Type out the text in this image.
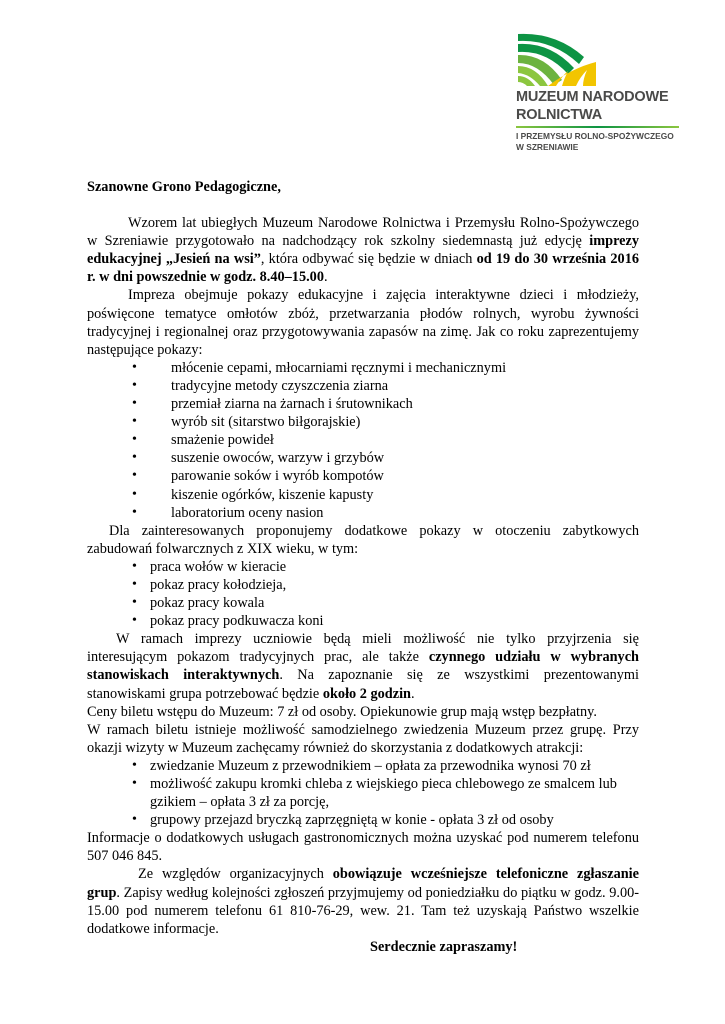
MUZEUM NARODOWE
ROLNICTWA
I PRZEMYSŁU ROLNO-SPOŻYWCZEGO
W SZRENIAWIE

Szanowne Grono Pedagogiczne,

Wzorem lat ubiegłych Muzeum Narodowe Rolnictwa i Przemysłu Rolno-Spożywczego w Szreniawie przygotowało na nadchodzący rok szkolny siedemnastą już edycję imprezy edukacyjnej „Jesień na wsi”, która odbywać się będzie w dniach od 19 do 30 września 2016 r. w dni powszednie w godz. 8.40–15.00.

Impreza obejmuje pokazy edukacyjne i zajęcia interaktywne dzieci i młodzieży, poświęcone tematyce omłotów zbóż, przetwarzania płodów rolnych, wyrobu żywności tradycyjnej i regionalnej oraz przygotowywania zapasów na zimę. Jak co roku zaprezentujemy następujące pokazy:

• młócenie cepami, młocarniami ręcznymi i mechanicznymi
• tradycyjne metody czyszczenia ziarna
• przemiał ziarna na żarnach i śrutownikach
• wyrób sit (sitarstwo biłgorajskie)
• smażenie powideł
• suszenie owoców, warzyw i grzybów
• parowanie soków i wyrób kompotów
• kiszenie ogórków, kiszenie kapusty
• laboratorium oceny nasion

Dla zainteresowanych proponujemy dodatkowe pokazy w otoczeniu zabytkowych zabudowań folwarcznych z XIX wieku, w tym:

• praca wołów w kieracie
• pokaz pracy kołodzieja,
• pokaz pracy kowala
• pokaz pracy podkuwacza koni

W ramach imprezy uczniowie będą mieli możliwość nie tylko przyjrzenia się interesującym pokazom tradycyjnych prac, ale także czynnego udziału w wybranych stanowiskach interaktywnych. Na zapoznanie się ze wszystkimi prezentowanymi stanowiskami grupa potrzebować będzie około 2 godzin.

Ceny biletu wstępu do Muzeum: 7 zł od osoby. Opiekunowie grup mają wstęp bezpłatny.

W ramach biletu istnieje możliwość samodzielnego zwiedzenia Muzeum przez grupę. Przy okazji wizyty w Muzeum zachęcamy również do skorzystania z dodatkowych atrakcji:

• zwiedzanie Muzeum z przewodnikiem – opłata za przewodnika wynosi 70 zł
• możliwość zakupu kromki chleba z wiejskiego pieca chlebowego ze smalcem lub gzikiem – opłata 3 zł za porcję,
• grupowy przejazd bryczką zaprzęgniętą w konie - opłata 3 zł od osoby

Informacje o dodatkowych usługach gastronomicznych można uzyskać pod numerem telefonu 507 046 845.

Ze względów organizacyjnych obowiązuje wcześniejsze telefoniczne zgłaszanie grup. Zapisy według kolejności zgłoszeń przyjmujemy od poniedziałku do piątku w godz. 9.00-15.00 pod numerem telefonu 61 810-76-29, wew. 21. Tam też uzyskają Państwo wszelkie dodatkowe informacje.

Serdecznie zapraszamy!
